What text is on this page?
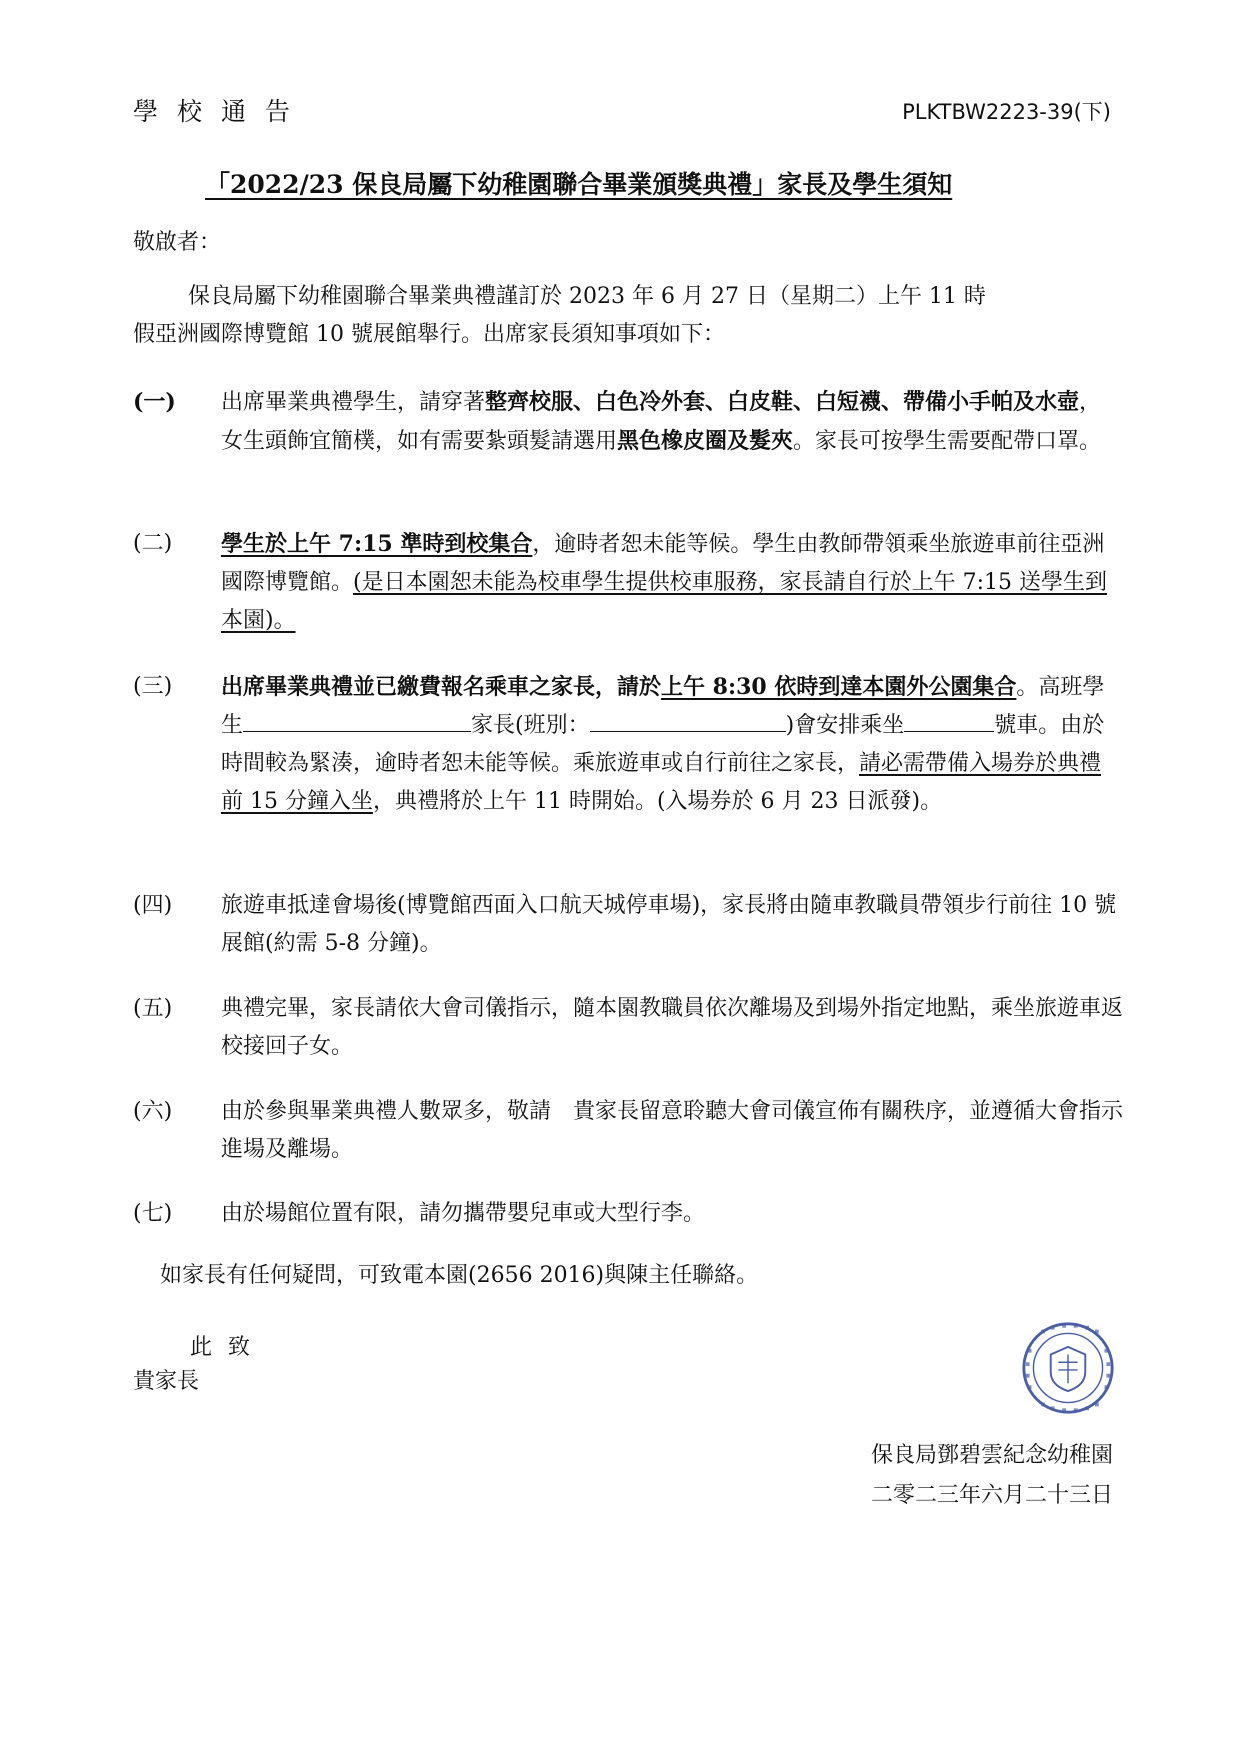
學校通告	PLKTBW2223-39(下)
「2022/23 保良局屬下幼稚園聯合畢業頒獎典禮」家長及學生須知
敬啟者：
保良局屬下幼稚園聯合畢業典禮謹訂於 2023 年 6 月 27 日（星期二）上午 11 時
假亞洲國際博覽館 10 號展館舉行。出席家長須知事項如下：
(一)	出席畢業典禮學生，請穿著整齊校服、白色冷外套、白皮鞋、白短襪、帶備小手帕及水壺，女生頭飾宜簡樸，如有需要紮頭髮請選用黑色橡皮圈及髮夾。家長可按學生需要配帶口罩。
(二)	學生於上午 7:15 準時到校集合，逾時者恕未能等候。學生由教師帶領乘坐旅遊車前往亞洲國際博覽館。(是日本園恕未能為校車學生提供校車服務，家長請自行於上午 7:15 送學生到本園)。
(三)	出席畢業典禮並已繳費報名乘車之家長，請於上午 8:30 依時到達本園外公園集合。高班學生	家長(班別：	)會安排乘坐	號車。由於時間較為緊湊，逾時者恕未能等候。乘旅遊車或自行前往之家長，請必需帶備入場券於典禮前 15 分鐘入坐，典禮將於上午 11 時開始。(入場券於 6 月 23 日派發)。
(四)	旅遊車抵達會場後(博覽館西面入口航天城停車場)，家長將由隨車教職員帶領步行前往 10 號展館(約需 5-8 分鐘)。
(五)	典禮完畢，家長請依大會司儀指示，隨本園教職員依次離場及到場外指定地點，乘坐旅遊車返校接回子女。
(六)	由於參與畢業典禮人數眾多，敬請　貴家長留意聆聽大會司儀宣佈有關秩序，並遵循大會指示進場及離場。
(七)	由於場館位置有限，請勿攜帶嬰兒車或大型行李。
如家長有任何疑問，可致電本園(2656 2016)與陳主任聯絡。
此致
貴家長
保良局鄧碧雲紀念幼稚園
二零二三年六月二十三日
